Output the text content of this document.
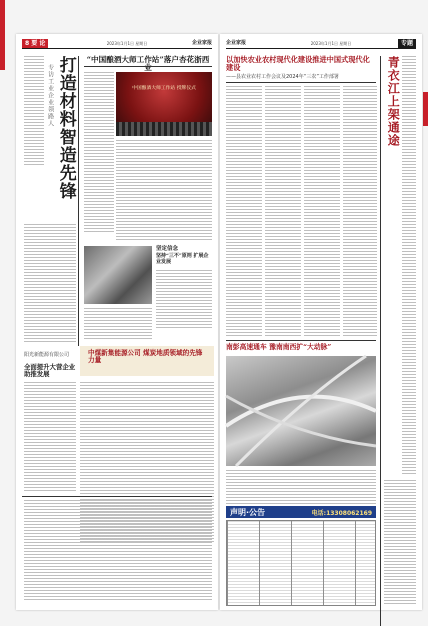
8 要 论	2023年1月1日 星期日	企业家报
打造材料智造先锋
专访工业企业领路人
“中国酿酒大师工作站”落户杏花浙西业
中国酿酒大师工作站 授牌仪式
坚定信念
坚持“三不”原则 扩展企业发展
中煤新集能源公司 煤炭地质领域的先锋力量
阳光新能源有限公司
全面提升大营企业 助推发展
企业家报	2023年1月1日 星期日	专题
以加快农业农村现代化建设推进中国式现代化建设
——县农业农村工作会议及2024年“三农”工作部署	青衣江上架通途
南彭高速通车 豫南南西扩“大动脉”
声明·公告	电话:13308062169
